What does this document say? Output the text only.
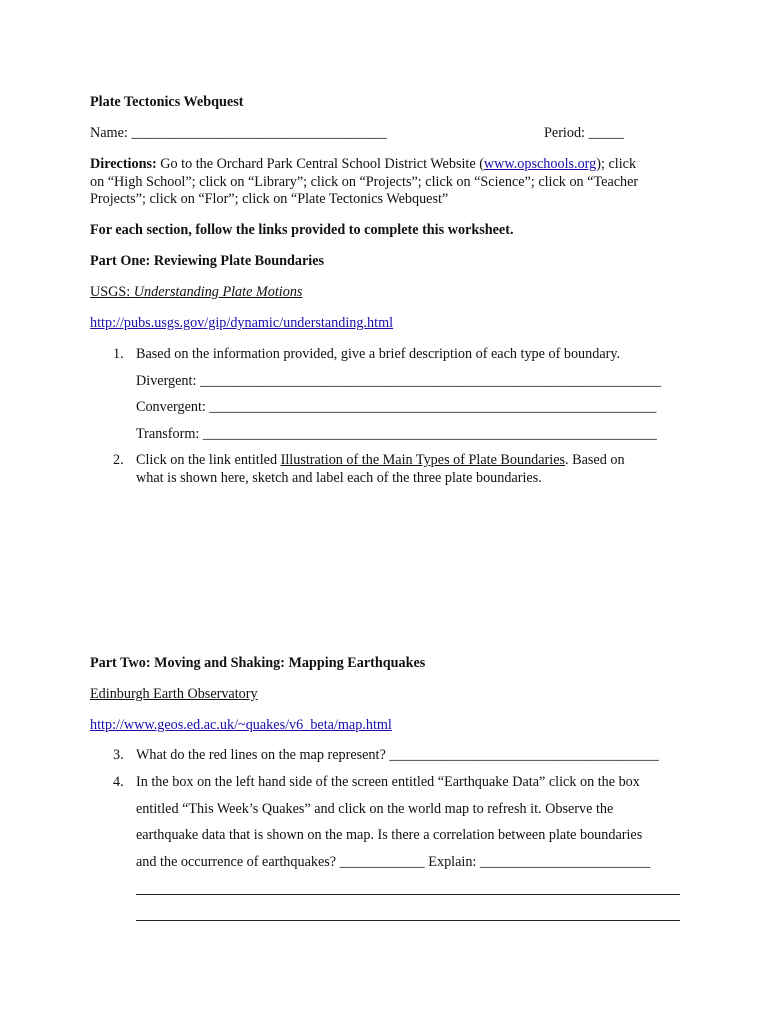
Plate Tectonics Webquest
Name: ____________________________________	Period: _____
Directions: Go to the Orchard Park Central School District Website (www.opschools.org); click
on “High School”; click on “Library”; click on “Projects”; click on “Science”; click on “Teacher
Projects”; click on “Flor”; click on “Plate Tectonics Webquest”
For each section, follow the links provided to complete this worksheet.
Part One: Reviewing Plate Boundaries
USGS: Understanding Plate Motions
http://pubs.usgs.gov/gip/dynamic/understanding.html
1. Based on the information provided, give a brief description of each type of boundary.
Divergent: _________________________________________________________________
Convergent: _______________________________________________________________
Transform: ________________________________________________________________
2. Click on the link entitled Illustration of the Main Types of Plate Boundaries. Based on
what is shown here, sketch and label each of the three plate boundaries.
Part Two: Moving and Shaking: Mapping Earthquakes
Edinburgh Earth Observatory
http://www.geos.ed.ac.uk/~quakes/v6_beta/map.html
3. What do the red lines on the map represent? ______________________________________
4. In the box on the left hand side of the screen entitled “Earthquake Data” click on the box
entitled “This Week’s Quakes” and click on the world map to refresh it. Observe the
earthquake data that is shown on the map. Is there a correlation between plate boundaries
and the occurrence of earthquakes? ____________ Explain: ________________________
